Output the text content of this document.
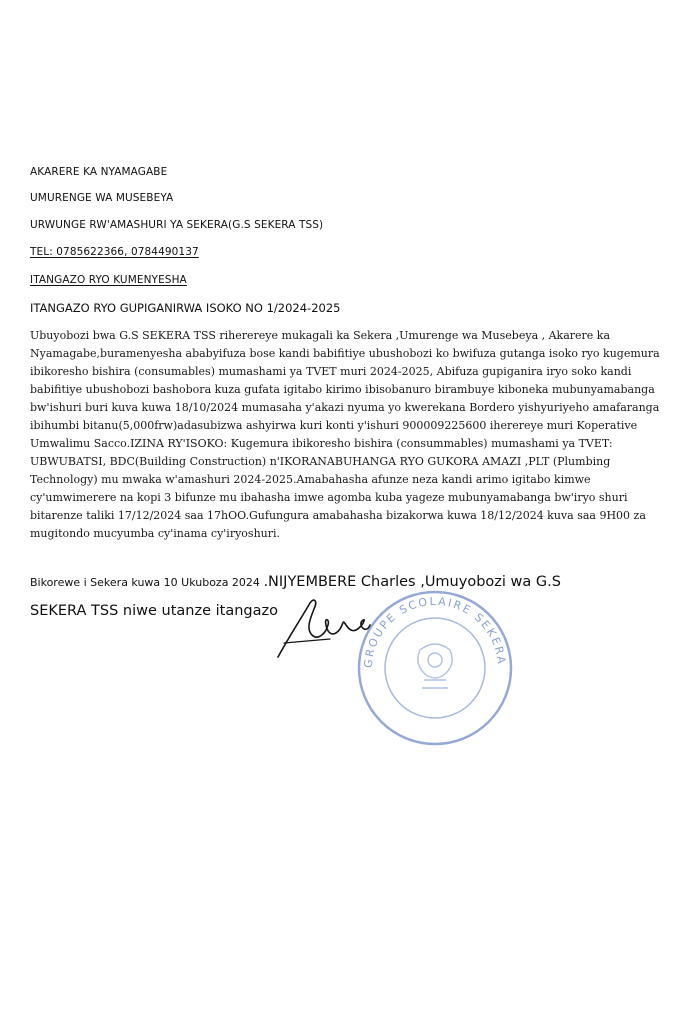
AKARERE KA NYAMAGABE
UMURENGE WA MUSEBEYA
URWUNGE RW'AMASHURI YA SEKERA(G.S SEKERA TSS)
TEL: 0785622366, 0784490137
ITANGAZO RYO KUMENYESHA
ITANGAZO RYO GUPIGANIRWA ISOKO NO 1/2024-2025

Ubuyobozi bwa G.S SEKERA TSS riherereye mukagali ka Sekera ,Umurenge wa Musebeya , Akarere ka Nyamagabe,buramenyesha ababyifuza bose kandi babifitiye ubushobozi ko bwifuza gutanga isoko ryo kugemura ibikoresho bishira (consumables) mumashami ya TVET muri 2024-2025, Abifuza gupiganira iryo soko kandi babifitiye ubushobozi bashobora kuza gufata igitabo kirimo ibisobanuro birambuye kiboneka mubunyamabanga bw'ishuri buri kuva kuwa 18/10/2024 mumasaha y'akazi nyuma yo kwerekana Bordero yishyuriyeho amafaranga ibihumbi bitanu(5,000frw)adasubizwa ashyirwa kuri konti y'ishuri 900009225600 iherereye muri Koperative Umwalimu Sacco.IZINA RY'ISOKO: Kugemura ibikoresho bishira (consummables) mumashami ya TVET: UBWUBATSI, BDC(Building Construction) n'IKORANABUHANGA RYO GUKORA AMAZI ,PLT (Plumbing Technology) mu mwaka w'amashuri 2024-2025.Amabahasha afunze neza kandi arimo igitabo kimwe cy'umwimerere na kopi 3 bifunze mu ibahasha imwe agomba kuba yageze mubunyamabanga bw'iryo shuri bitarenze taliki 17/12/2024 saa 17hOO.Gufungura amabahasha bizakorwa kuwa 18/12/2024 kuva saa 9H00 za mugitondo mucyumba cy'inama cy'iryoshuri.

Bikorewe i Sekera kuwa 10 Ukuboza 2024 .NIJYEMBERE Charles ,Umuyobozi wa G.S
SEKERA TSS niwe utanze itangazo
GROUPE SCOLAIRE SEKERA
